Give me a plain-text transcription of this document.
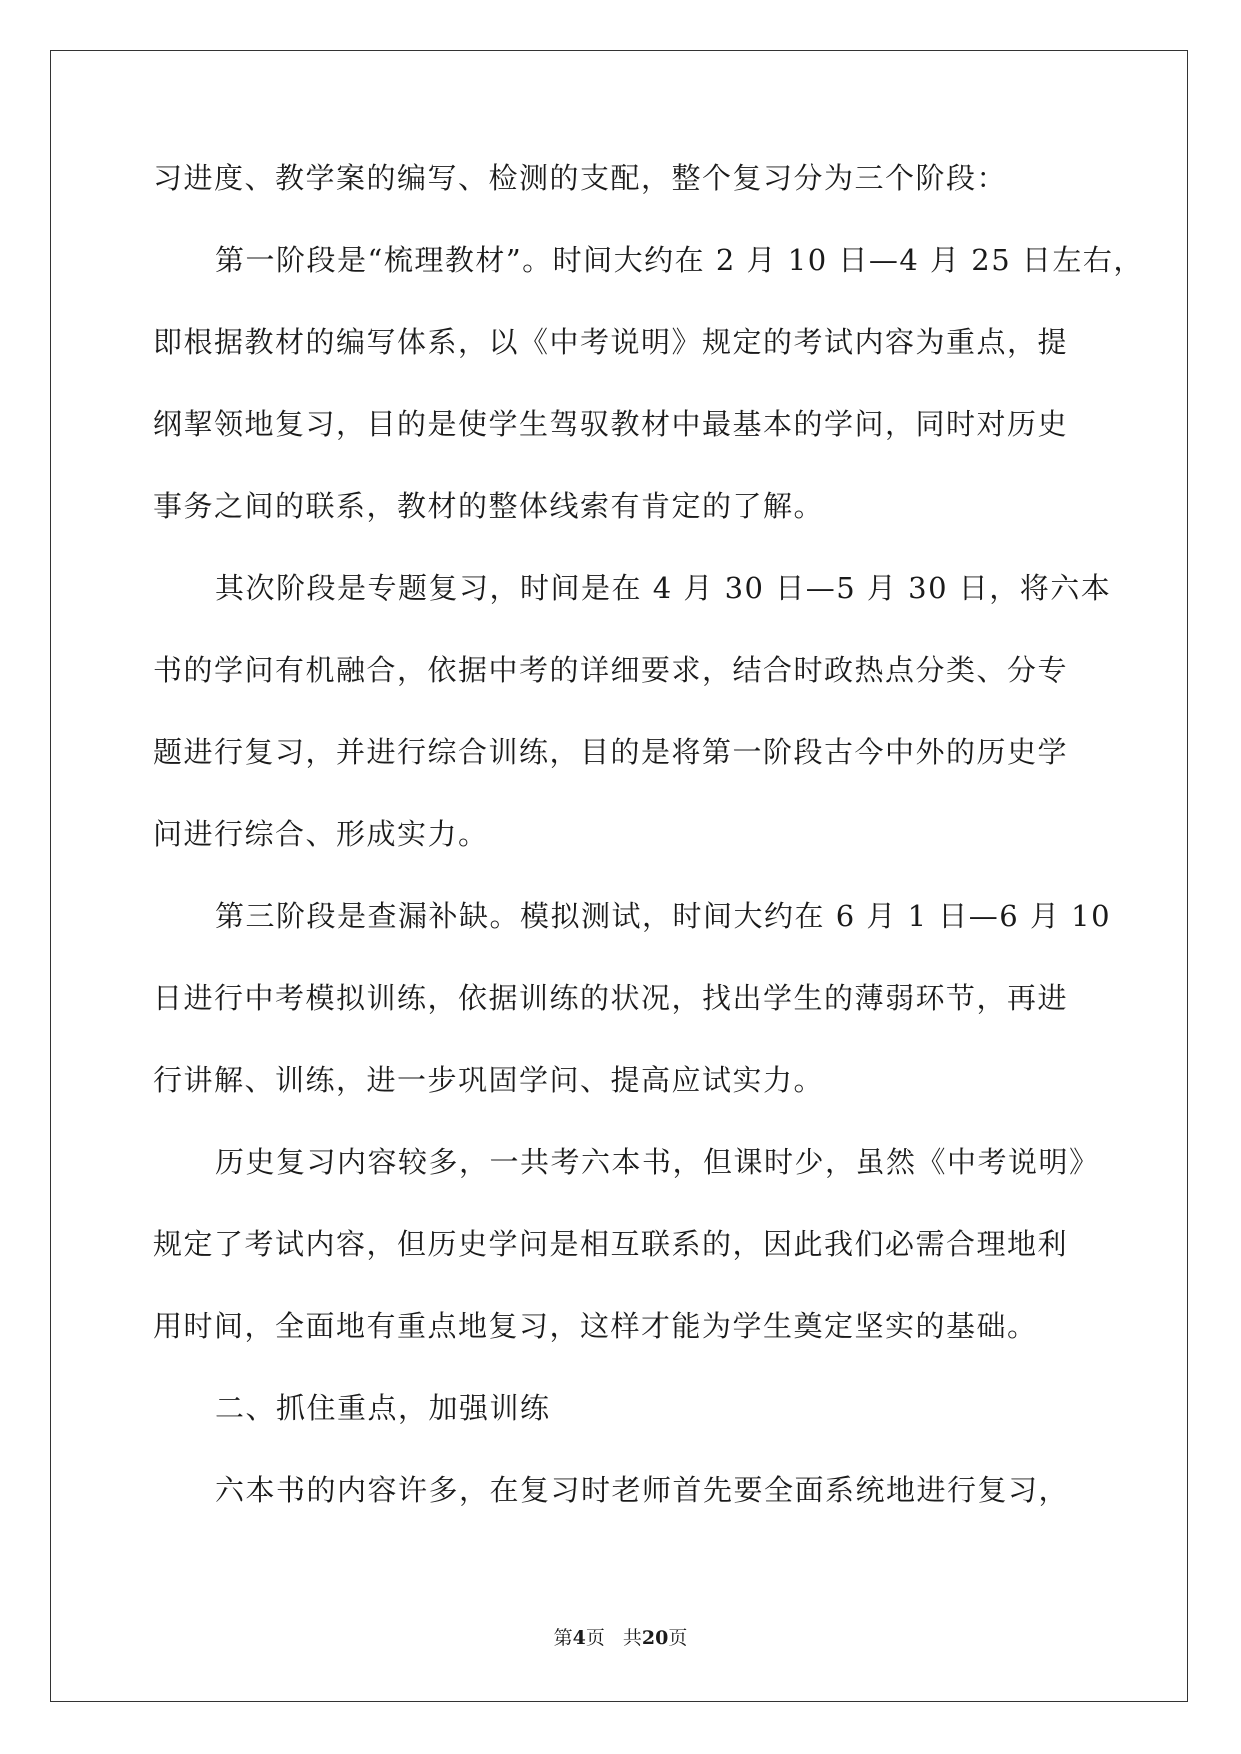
习进度、教学案的编写、检测的支配，整个复习分为三个阶段：
第一阶段是“梳理教材”。时间大约在 2 月 10 日—4 月 25 日左右，
即根据教材的编写体系，以《中考说明》规定的考试内容为重点，提
纲挈领地复习，目的是使学生驾驭教材中最基本的学问，同时对历史
事务之间的联系，教材的整体线索有肯定的了解。
其次阶段是专题复习，时间是在 4 月 30 日—5 月 30 日，将六本
书的学问有机融合，依据中考的详细要求，结合时政热点分类、分专
题进行复习，并进行综合训练，目的是将第一阶段古今中外的历史学
问进行综合、形成实力。
第三阶段是查漏补缺。模拟测试，时间大约在 6 月 1 日—6 月 10
日进行中考模拟训练，依据训练的状况，找出学生的薄弱环节，再进
行讲解、训练，进一步巩固学问、提高应试实力。
历史复习内容较多，一共考六本书，但课时少，虽然《中考说明》
规定了考试内容，但历史学问是相互联系的，因此我们必需合理地利
用时间，全面地有重点地复习，这样才能为学生奠定坚实的基础。
二、抓住重点，加强训练
六本书的内容许多，在复习时老师首先要全面系统地进行复习，
第4页 共20页
